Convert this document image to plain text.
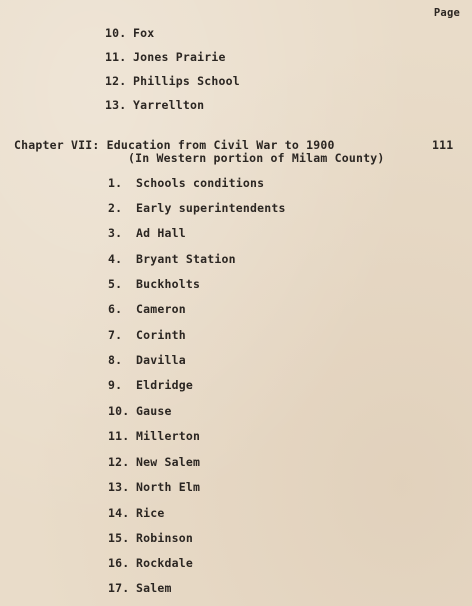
Page
10. Fox
11. Jones Prairie
12. Phillips School
13. Yarrellton
Chapter VII: Education from Civil War to 1900
(In Western portion of Milam County)
111
1. Schools conditions
2. Early superintendents
3. Ad Hall
4. Bryant Station
5. Buckholts
6. Cameron
7. Corinth
8. Davilla
9. Eldridge
10. Gause
11. Millerton
12. New Salem
13. North Elm
14. Rice
15. Robinson
16. Rockdale
17. Salem
